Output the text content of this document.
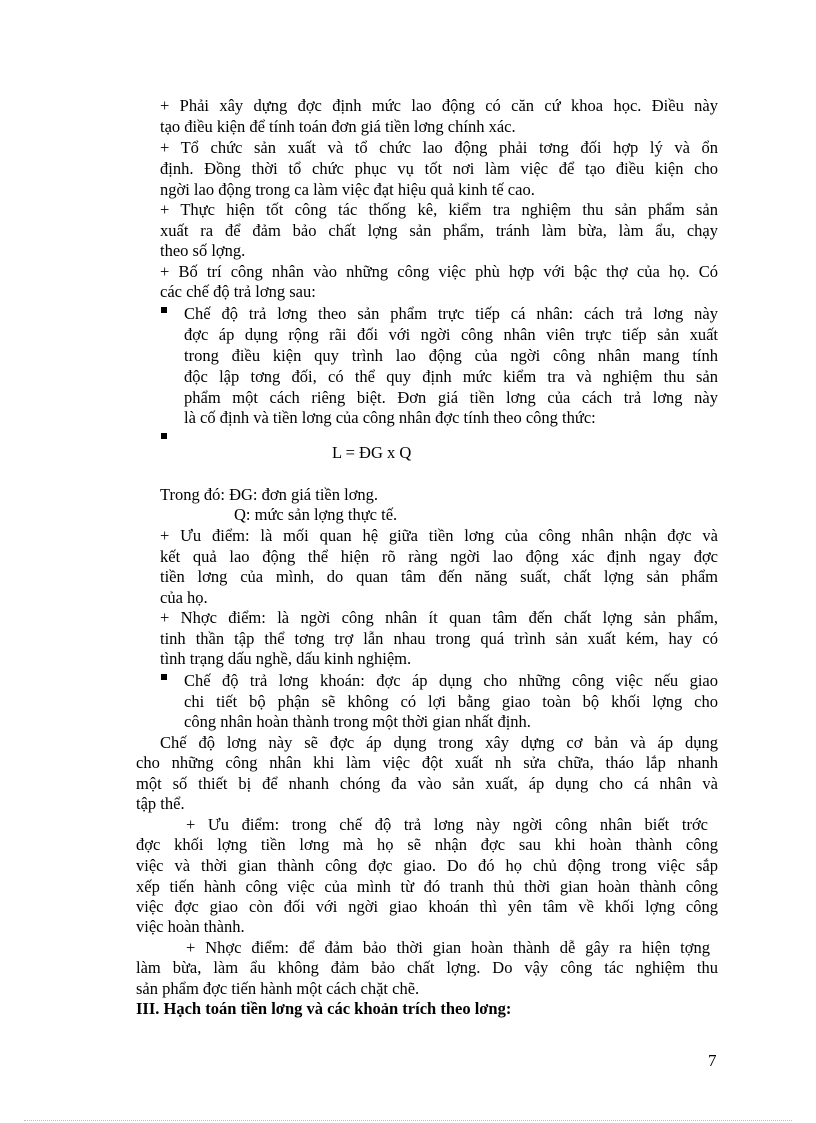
+ Phải xây dựng đợc định mức lao động có căn cứ khoa học. Điều này
tạo điều kiện để tính toán đơn giá tiền lơng chính xác.
+ Tổ chức sản xuất và tổ chức lao động phải tơng đối hợp lý và ổn
định. Đồng thời tổ chức phục vụ tốt nơi làm việc để tạo điều kiện cho
ngời lao động trong ca làm việc đạt hiệu quả kinh tế cao.
+ Thực hiện tốt công tác thống kê, kiểm tra nghiệm thu sản phẩm sản
xuất ra để đảm bảo chất lợng sản phẩm, tránh làm bừa, làm ẩu, chạy
theo số lợng.
+ Bố trí công nhân vào những công việc phù hợp với bậc thợ của họ. Có
các chế độ trả lơng sau:
Chế độ trả lơng theo sản phẩm trực tiếp cá nhân: cách trả lơng này
đợc áp dụng rộng rãi đối với ngời công nhân viên trực tiếp sản xuất
trong điều kiện quy trình lao động của ngời công nhân mang tính
độc lập tơng đối, có thể quy định mức kiểm tra và nghiệm thu sản
phẩm một cách riêng biệt. Đơn giá tiền lơng của cách trả lơng này
là cố định và tiền lơng của công nhân đợc tính theo công thức:
L = ĐG x Q
Trong đó: ĐG: đơn giá tiền lơng.
Q: mức sản lợng thực tế.
+ Ưu điểm: là mối quan hệ giữa tiền lơng của công nhân nhận đợc và
kết quả lao động thể hiện rõ ràng ngời lao động xác định ngay đợc
tiền lơng của mình, do quan tâm đến năng suất, chất lợng sản phẩm
của họ.
+ Nhợc điểm: là ngời công nhân ít quan tâm đến chất lợng sản phẩm,
tinh thần tập thể tơng trợ lẫn nhau trong quá trình sản xuất kém, hay có
tình trạng dấu nghề, dấu kinh nghiệm.
Chế độ trả lơng khoán: đợc áp dụng cho những công việc nếu giao
chi tiết bộ phận sẽ không có lợi bằng giao toàn bộ khối lợng cho
công nhân hoàn thành trong một thời gian nhất định.
Chế độ lơng này sẽ đợc áp dụng trong xây dựng cơ bản và áp dụng
cho những công nhân khi làm việc đột xuất nh sửa chữa, tháo lắp nhanh
một số thiết bị để nhanh chóng đa vào sản xuất, áp dụng cho cá nhân và
tập thể.
+ Ưu điểm: trong chế độ trả lơng này ngời công nhân biết trớc
đợc khối lợng tiền lơng mà họ sẽ nhận đợc sau khi hoàn thành công
việc và thời gian thành công đợc giao. Do đó họ chủ động trong việc sắp
xếp tiến hành công việc của mình từ đó tranh thủ thời gian hoàn thành công
việc đợc giao còn đối với ngời giao khoán thì yên tâm về khối lợng công
việc hoàn thành.
+ Nhợc điểm: để đảm bảo thời gian hoàn thành dễ gây ra hiện tợng
làm bừa, làm ẩu không đảm bảo chất lợng. Do vậy công tác nghiệm thu
sản phẩm đợc tiến hành một cách chặt chẽ.
III. Hạch toán tiền lơng và các khoản trích theo lơng:
7
